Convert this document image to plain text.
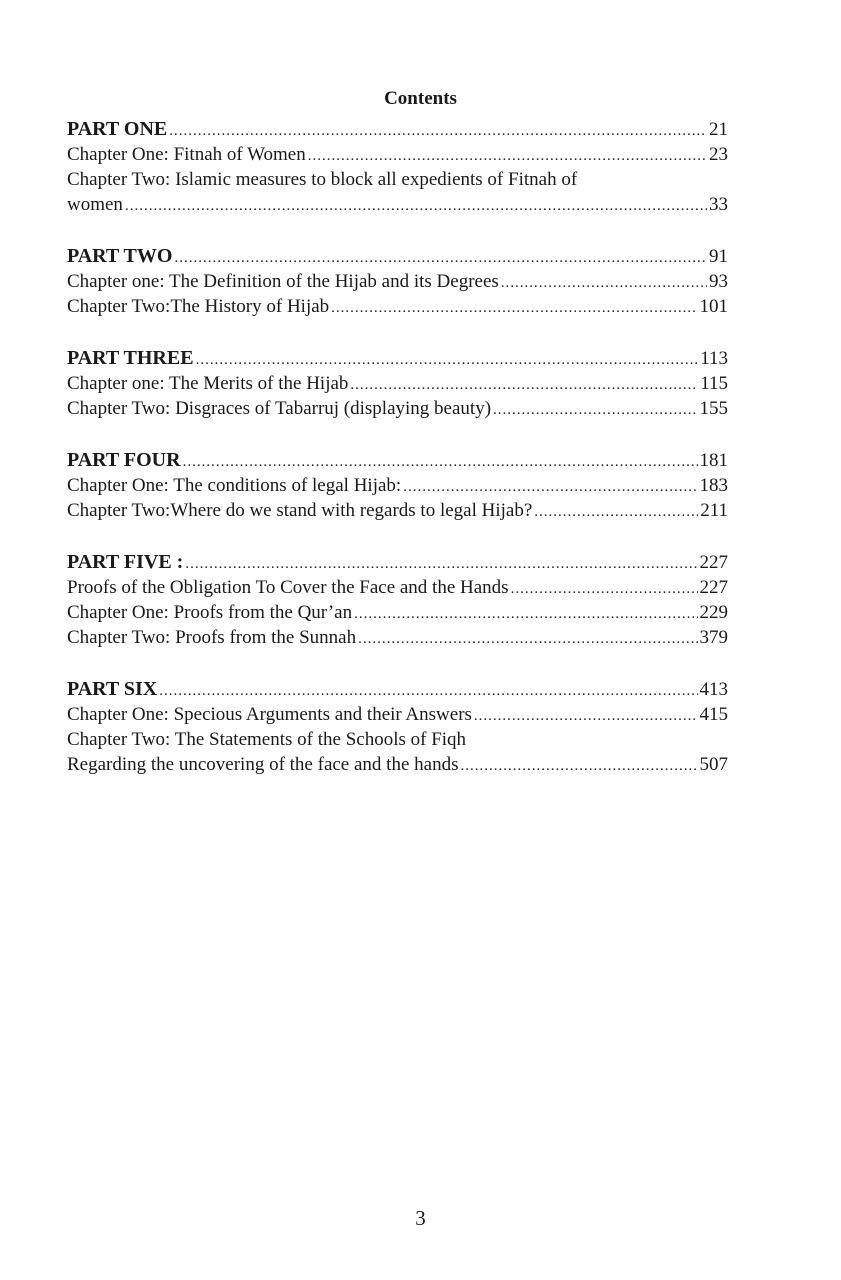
Contents
PART ONE .....	21
Chapter One: Fitnah of Women .....	23
Chapter Two: Islamic measures to block all expedients of Fitnah of
women .....	33
PART TWO .....	91
Chapter one: The Definition of the Hijab and its Degrees .....	93
Chapter Two:The History of Hijab .....	101
PART THREE .....	113
Chapter one: The Merits of the Hijab .....	115
Chapter Two: Disgraces of Tabarruj (displaying beauty) .....	155
PART FOUR .....	181
Chapter One: The conditions of legal Hijab: .....	183
Chapter Two:Where do we stand with regards to legal Hijab? .....	211
PART FIVE : .....	227
Proofs of the Obligation To Cover the Face and the Hands .....	227
Chapter One: Proofs from the Qur’an .....	229
Chapter Two: Proofs from the Sunnah .....	379
PART SIX .....	413
Chapter One: Specious Arguments and their Answers .....	415
Chapter Two: The Statements of the Schools of Fiqh
Regarding the uncovering of the face and the hands .....	507
3
